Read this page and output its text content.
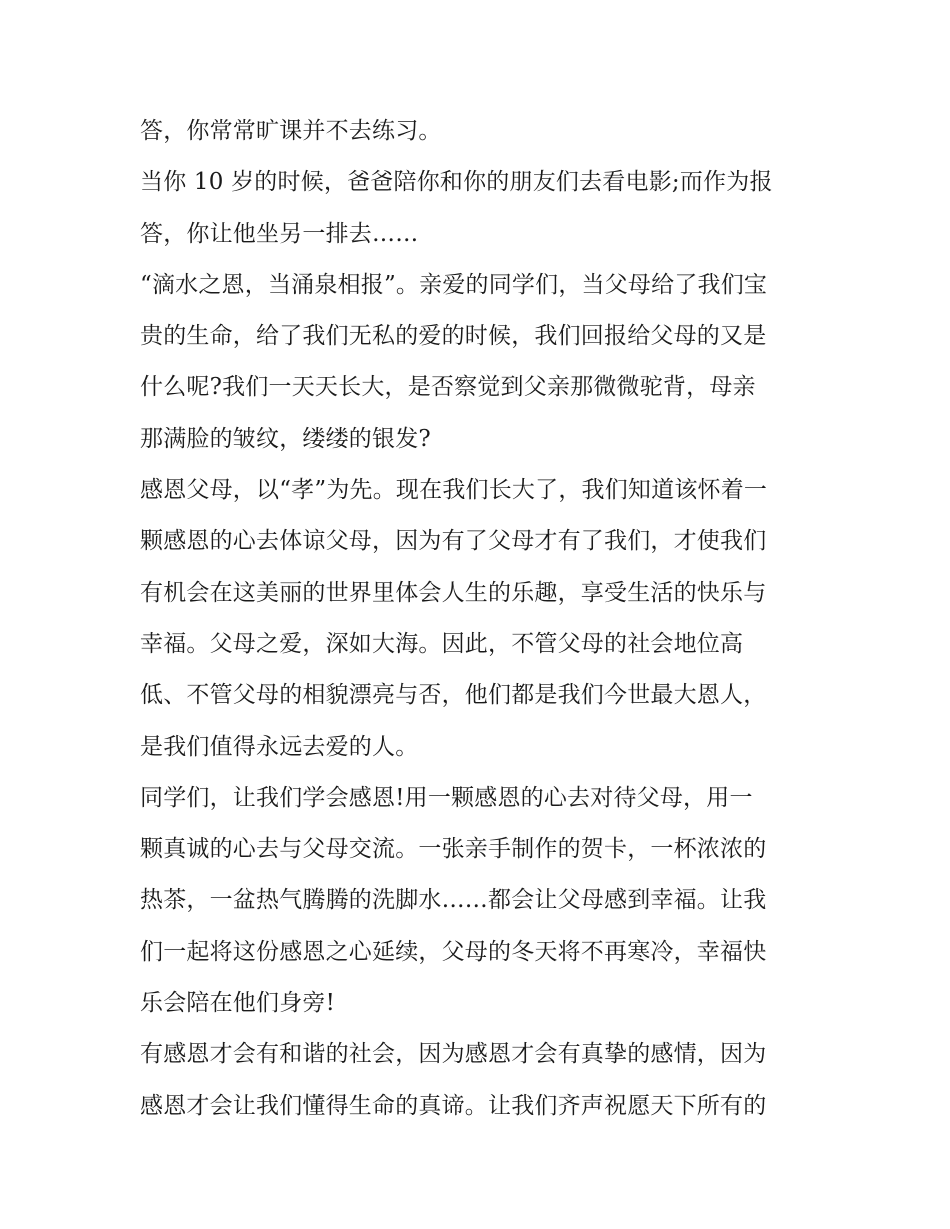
答，你常常旷课并不去练习。
当你 10 岁的时候，爸爸陪你和你的朋友们去看电影;而作为报
答，你让他坐另一排去……
“滴水之恩，当涌泉相报”。亲爱的同学们，当父母给了我们宝
贵的生命，给了我们无私的爱的时候，我们回报给父母的又是
什么呢?我们一天天长大，是否察觉到父亲那微微驼背，母亲
那满脸的皱纹，缕缕的银发?
感恩父母，以“孝”为先。现在我们长大了，我们知道该怀着一
颗感恩的心去体谅父母，因为有了父母才有了我们，才使我们
有机会在这美丽的世界里体会人生的乐趣，享受生活的快乐与
幸福。父母之爱，深如大海。因此，不管父母的社会地位高
低、不管父母的相貌漂亮与否，他们都是我们今世最大恩人，
是我们值得永远去爱的人。
同学们，让我们学会感恩!用一颗感恩的心去对待父母，用一
颗真诚的心去与父母交流。一张亲手制作的贺卡，一杯浓浓的
热茶，一盆热气腾腾的洗脚水……都会让父母感到幸福。让我
们一起将这份感恩之心延续，父母的冬天将不再寒冷，幸福快
乐会陪在他们身旁!
有感恩才会有和谐的社会，因为感恩才会有真挚的感情，因为
感恩才会让我们懂得生命的真谛。让我们齐声祝愿天下所有的
